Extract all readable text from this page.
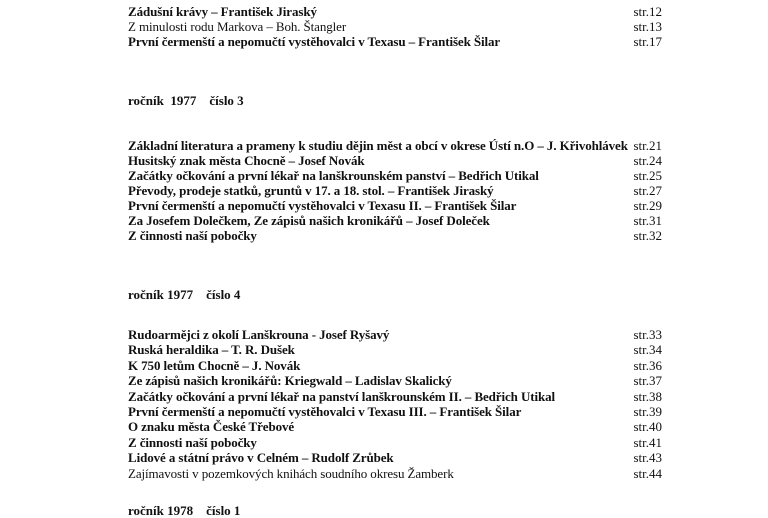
Zádušní krávy – František Jiraský	str.12
Z minulosti rodu Markova – Boh. Štangler	str.13
První čermenští a nepomučtí vystěhovalci v Texasu – František Šilar	str.17
ročník  1977    číslo 3
Základní literatura a prameny k studiu dějin měst a obcí v okrese Ústí n.O – J. Křivohlávek str.21
Husitský znak města Chocně – Josef Novák	str.24
Začátky očkování a první lékař na lanškrounském panství – Bedřich Utikal	str.25
Převody, prodeje statků, gruntů v 17. a 18. stol. – František Jiraský	str.27
První čermenští a nepomučtí vystěhovalci v Texasu II. – František Šilar	str.29
Za Josefem Dolečkem, Ze zápisů našich kronikářů – Josef Doleček	str.31
Z činnosti naší pobočky	str.32
ročník 1977    číslo 4
Rudoarmějci z okolí Lanškrouna - Josef Ryšavý	str.33
Ruská heraldika – T. R. Dušek	str.34
K 750 letům Chocně – J. Novák	str.36
Ze zápisů našich kronikářů: Kriegwald – Ladislav Skalický	str.37
Začátky očkování a první lékař na panství lanškrounském II. – Bedřich Utikal	str.38
První čermenští a nepomučtí vystěhovalci v Texasu III. – František Šilar	str.39
O znaku města České Třebové	str.40
Z činnosti naší pobočky	str.41
Lidové a státní právo v Celném – Rudolf Zrůbek	str.43
Zajímavosti v pozemkových knihách soudního okresu Žamberk	str.44
ročník 1978    číslo 1
